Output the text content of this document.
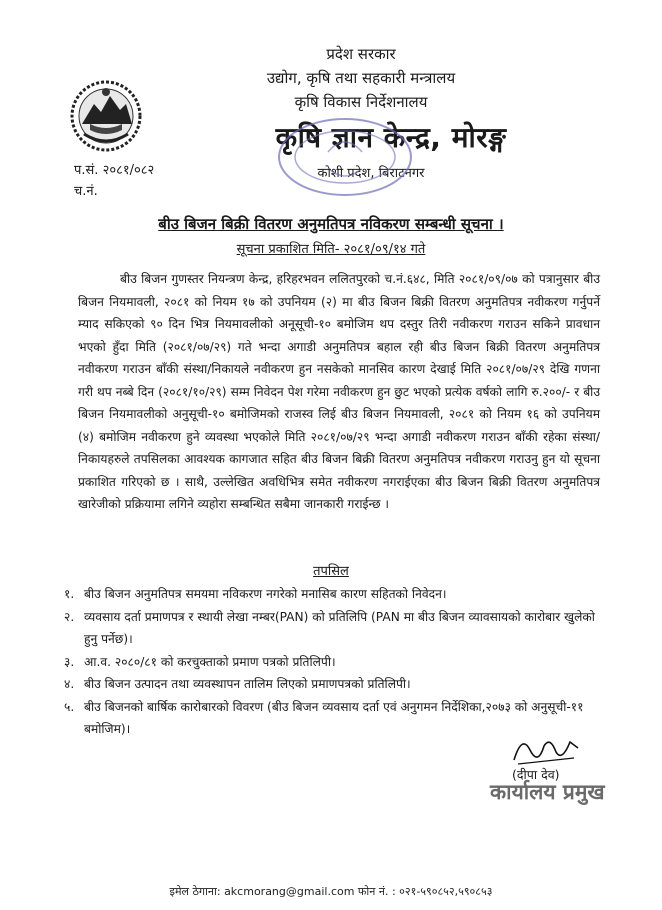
प्रदेश सरकार
उद्योग, कृषि तथा सहकारी मन्त्रालय
कृषि विकास निर्देशनालय
कृषि ज्ञान केन्द्र, मोरङ्ग
कोशी प्रदेश, बिराटनगर
प.सं. २०८१/०८२
च.नं.
बीउ बिजन बिक्री वितरण अनुमतिपत्र नविकरण सम्बन्धी सूचना ।
सूचना प्रकाशित मिति- २०८१/०९/१४ गते
बीउ बिजन गुणस्तर नियन्त्रण केन्द्र, हरिहरभवन ललितपुरको च.नं.६४८, मिति २०८१/०९/०७ को पत्रानुसार बीउ बिजन नियमावली, २०८१ को नियम १७ को उपनियम (२) मा बीउ बिजन बिक्री वितरण अनुमतिपत्र नवीकरण गर्नुपर्ने म्याद सकिएको ९० दिन भित्र नियमावलीको अनूसूची-१० बमोजिम थप दस्तुर तिरी नवीकरण गराउन सकिने प्रावधान भएको हुँदा मिति (२०८१/०७/२९) गते भन्दा अगाडी अनुमतिपत्र बहाल रही बीउ बिजन बिक्री वितरण अनुमतिपत्र नवीकरण गराउन बाँकी संस्था/निकायले नवीकरण हुन नसकेको मानसिव कारण देखाई मिति २०८१/०७/२९ देखि गणना गरी थप नब्बे दिन (२०८१/१०/२९) सम्म निवेदन पेश गरेमा नवीकरण हुन छुट भएको प्रत्येक वर्षको लागि रु.२००/- र बीउ बिजन नियमावलीको अनुसूची-१० बमोजिमको राजस्व लिई बीउ बिजन नियमावली, २०८१ को नियम १६ को उपनियम (४) बमोजिम नवीकरण हुने व्यवस्था भएकोले मिति २०८१/०७/२९ भन्दा अगाडी नवीकरण गराउन बाँकी रहेका संस्था/निकायहरुले तपसिलका आवश्यक कागजात सहित बीउ बिजन बिक्री वितरण अनुमतिपत्र नवीकरण गराउनु हुन यो सूचना प्रकाशित गरिएको छ । साथै, उल्लेखित अवधिभित्र समेत नवीकरण नगराईएका बीउ बिजन बिक्री वितरण अनुमतिपत्र खारेजीको प्रक्रियामा लगिने व्यहोरा सम्बन्धित सबैमा जानकारी गराईन्छ ।
तपसिल
१. बीउ बिजन अनुमतिपत्र समयमा नविकरण नगरेको मनासिब कारण सहितको निवेदन।
२. व्यवसाय दर्ता प्रमाणपत्र र स्थायी लेखा नम्बर(PAN) को प्रतिलिपि (PAN मा बीउ बिजन व्यावसायको कारोबार खुलेको हुनु पर्नेछ)।
३. आ.व. २०८०/८१ को करचुक्ताको प्रमाण पत्रको प्रतिलिपी।
४. बीउ बिजन उत्पादन तथा व्यवस्थापन तालिम लिएको प्रमाणपत्रको प्रतिलिपी।
५. बीउ बिजनको बार्षिक कारोबारको विवरण (बीउ बिजन व्यवसाय दर्ता एवं अनुगमन निर्देशिका,२०७३ को अनुसूची-११ बमोजिम)।
(दीपा देव)
कार्यालय प्रमुख
इमेल ठेगाना: akcmorang@gmail.com फोन नं. : ०२१-५९०८५२,५९०८५३
